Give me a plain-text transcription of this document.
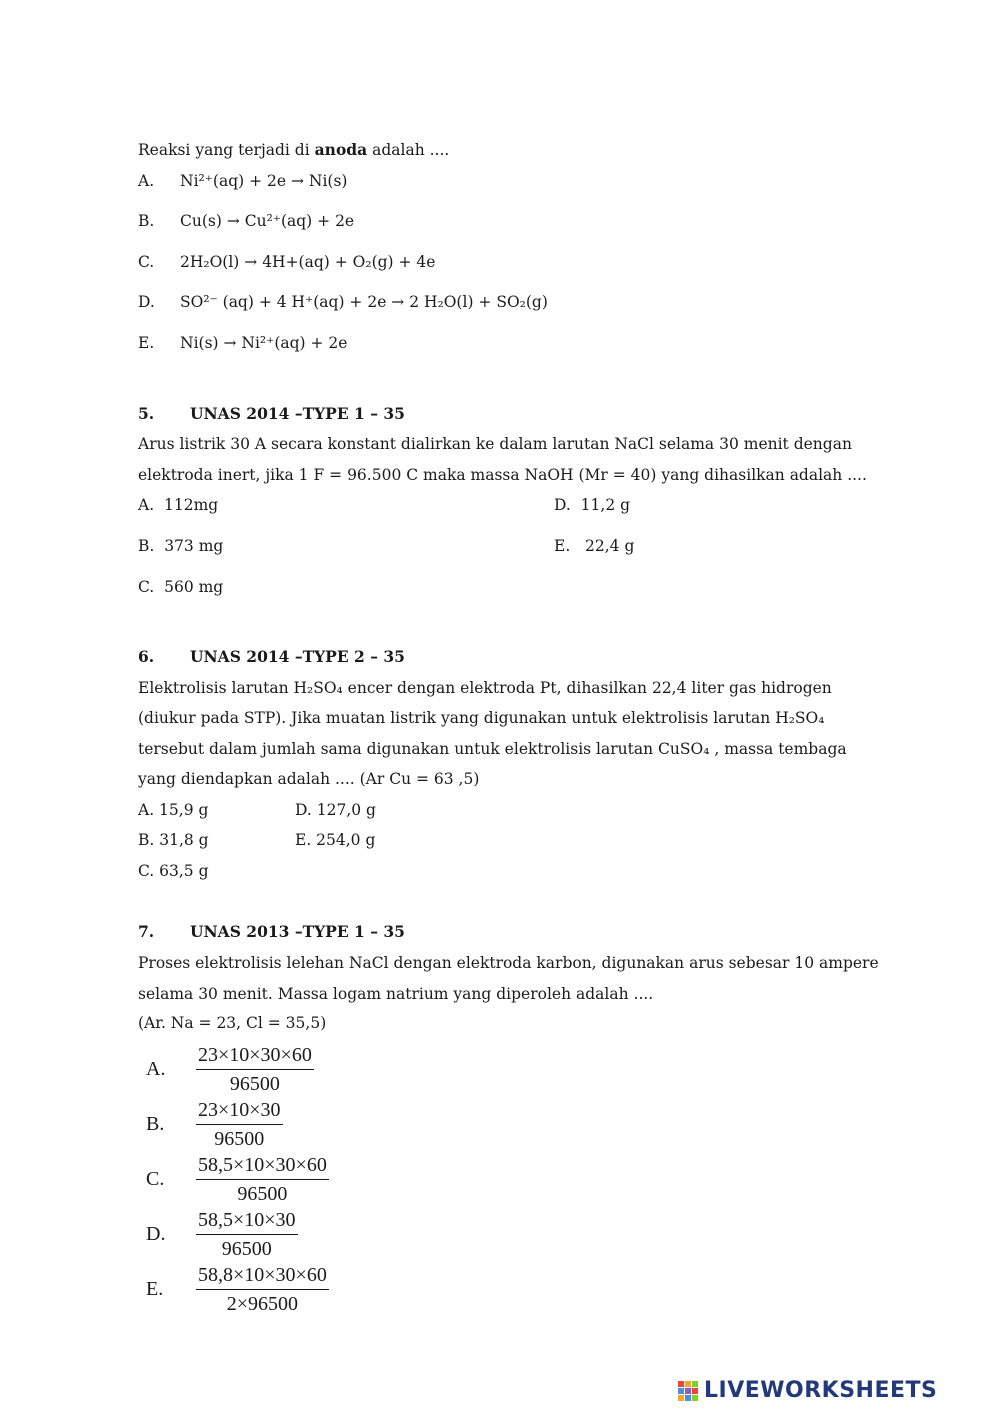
Reaksi yang terjadi di anoda adalah ....
A. Ni²⁺(aq) + 2e → Ni(s)
B. Cu(s) → Cu²⁺(aq) + 2e
C. 2H₂O(l) → 4H+(aq) + O₂(g) + 4e
D. SO²⁻ (aq) + 4 H⁺(aq) + 2e → 2 H₂O(l) + SO₂(g)
E. Ni(s) → Ni²⁺(aq) + 2e
5. UNAS 2014 –TYPE 1 – 35
Arus listrik 30 A secara konstant dialirkan ke dalam larutan NaCl selama 30 menit dengan
elektroda inert, jika 1 F = 96.500 C maka massa NaOH (Mr = 40) yang dihasilkan adalah ....
A. 112mg
B. 373 mg
C. 560 mg
D. 11,2 g
E. 22,4 g
6. UNAS 2014 –TYPE 2 – 35
Elektrolisis larutan H₂SO₄ encer dengan elektroda Pt, dihasilkan 22,4 liter gas hidrogen
(diukur pada STP). Jika muatan listrik yang digunakan untuk elektrolisis larutan H₂SO₄
tersebut dalam jumlah sama digunakan untuk elektrolisis larutan CuSO₄ , massa tembaga
yang diendapkan adalah .... (Ar Cu = 63 ,5)
A. 15,9 g
B. 31,8 g
C. 63,5 g
D. 127,0 g
E. 254,0 g
7. UNAS 2013 –TYPE 1 – 35
Proses elektrolisis lelehan NaCl dengan elektroda karbon, digunakan arus sebesar 10 ampere
selama 30 menit. Massa logam natrium yang diperoleh adalah ....
(Ar. Na = 23, Cl = 35,5)
A.	$\frac{23\times 10\times 30\times 60}{96500}$
B.	$\frac{23\times 10\times 30}{96500}$
C.	$\frac{58,5\times 10\times 30\times 60}{96500}$
D.	$\frac{58,5\times 10\times 30}{96500}$
E.	$\frac{58,8\times 10\times 30\times 60}{2\times 96500}$
LIVEWORKSHEETS
